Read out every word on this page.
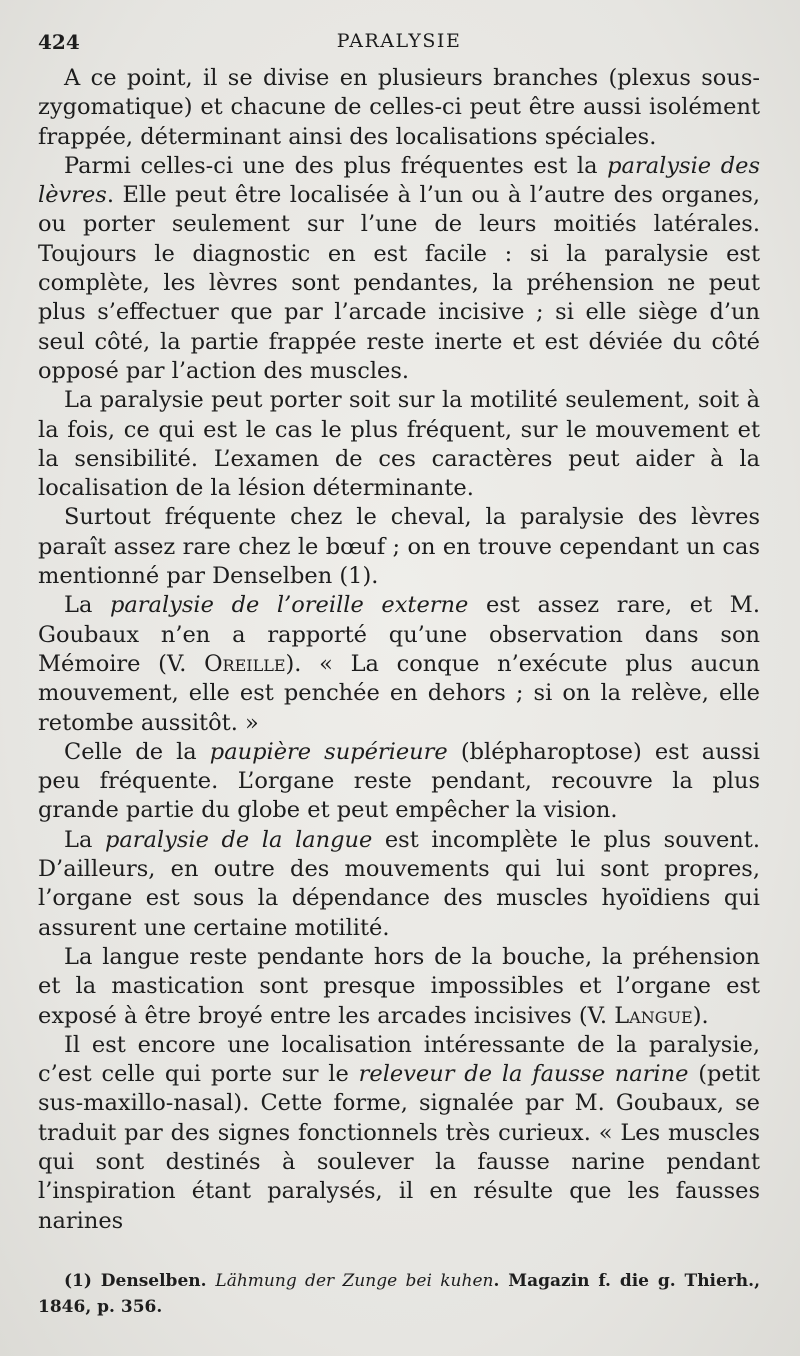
424	PARALYSIE

A ce point, il se divise en plusieurs branches (plexus sous-zygomatique) et chacune de celles-ci peut être aussi isolément frappée, déterminant ainsi des localisations spéciales.

Parmi celles-ci une des plus fréquentes est la paralysie des lèvres. Elle peut être localisée à l’un ou à l’autre des organes, ou porter seulement sur l’une de leurs moitiés latérales. Toujours le diagnostic en est facile : si la paralysie est complète, les lèvres sont pendantes, la préhension ne peut plus s’effectuer que par l’arcade incisive ; si elle siège d’un seul côté, la partie frappée reste inerte et est déviée du côté opposé par l’action des muscles.

La paralysie peut porter soit sur la motilité seulement, soit à la fois, ce qui est le cas le plus fréquent, sur le mouvement et la sensibilité. L’examen de ces caractères peut aider à la localisation de la lésion déterminante.

Surtout fréquente chez le cheval, la paralysie des lèvres paraît assez rare chez le bœuf ; on en trouve cependant un cas mentionné par Denselben (1).

La paralysie de l’oreille externe est assez rare, et M. Goubaux n’en a rapporté qu’une observation dans son Mémoire (V. Oreille). « La conque n’exécute plus aucun mouvement, elle est penchée en dehors ; si on la relève, elle retombe aussitôt. »

Celle de la paupière supérieure (blépharoptose) est aussi peu fréquente. L’organe reste pendant, recouvre la plus grande partie du globe et peut empêcher la vision.

La paralysie de la langue est incomplète le plus souvent. D’ailleurs, en outre des mouvements qui lui sont propres, l’organe est sous la dépendance des muscles hyoïdiens qui assurent une certaine motilité.

La langue reste pendante hors de la bouche, la préhension et la mastication sont presque impossibles et l’organe est exposé à être broyé entre les arcades incisives (V. Langue).

Il est encore une localisation intéressante de la paralysie, c’est celle qui porte sur le releveur de la fausse narine (petit sus-maxillo-nasal). Cette forme, signalée par M. Goubaux, se traduit par des signes fonctionnels très curieux. « Les muscles qui sont destinés à soulever la fausse narine pendant l’inspiration étant paralysés, il en résulte que les fausses narines

(1) Denselben. Lähmung der Zunge bei kuhen. Magazin f. die g. Thierh., 1846, p. 356.
